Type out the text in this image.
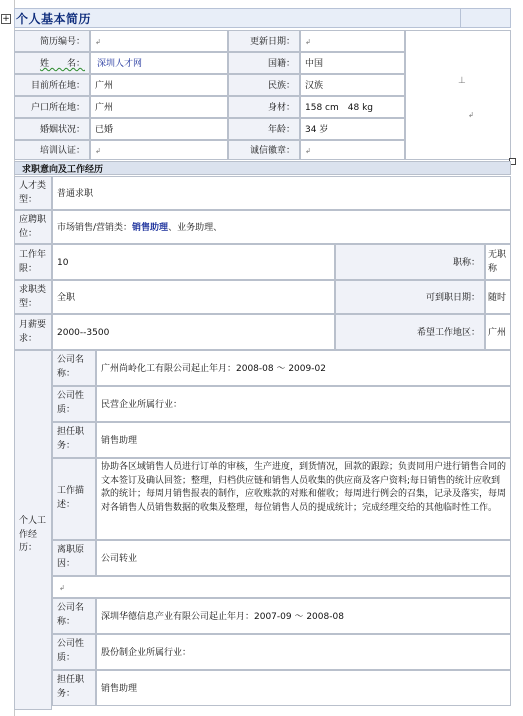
+ 个人基本简历
简历编号： ↲	更新日期： ↲
⊥
↲
姓　　名： 深圳人才网	国籍： 中国
目前所在地： 广州	民族： 汉族
户口所在地： 广州	身材： 158 cm　48 kg
婚姻状况： 已婚	年龄： 34 岁
培训认证： ↲	诚信徽章： ↲
求职意向及工作经历
人才类型：
普通求职
应聘职位：
市场销售/营销类：销售助理、业务助理、
工作年限：
10	职称：
无职称
求职类型：
全职	可到职日期： 随时
月薪要求：
2000--3500	希望工作地区： 广州
个人工作经历：
公司名称：	广州尚岭化工有限公司起止年月：2008-08 ～ 2009-02
公司性质：	民营企业所属行业：
担任职务：	销售助理
工作描述：
协助各区域销售人员进行订单的审核，生产进度，到货情况，回款的跟踪；负责同用户进行销售合同的文本签订及确认回签；整理，归档供应链和销售人员收集的供应商及客户资料;每日销售的统计应收到款的统计；每周月销售报表的制作，应收账款的对账和催收；每周进行例会的召集，记录及落实，每周对各销售人员销售数据的收集及整理，每位销售人员的提成统计；完成经理交给的其他临时性工作。
离职原因：	公司转业
↲
公司名称：	深圳华德信息产业有限公司起止年月：2007-09 ～ 2008-08
公司性质：	股份制企业所属行业：
担任职务：	销售助理
